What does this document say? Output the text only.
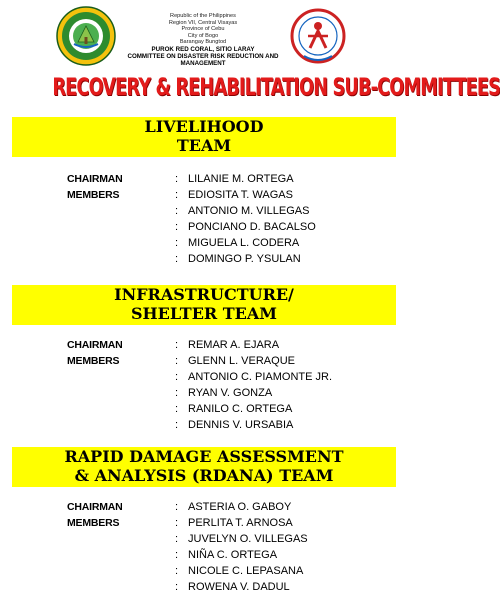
Republic of the Philippines
Region VII, Central Visayas
Province of Cebu
City of Bogo
Barangay Bungtod
PUROK RED CORAL, SITIO LARAY
COMMITTEE ON DISASTER RISK REDUCTION AND MANAGEMENT
RECOVERY & REHABILITATION SUB-COMMITTEES
LIVELIHOOD
TEAM
CHAIRMAN	: LILANIE M. ORTEGA
MEMBERS	: EDIOSITA T. WAGAS
: ANTONIO M. VILLEGAS
: PONCIANO D. BACALSO
: MIGUELA L. CODERA
: DOMINGO P. YSULAN
INFRASTRUCTURE/
SHELTER TEAM
CHAIRMAN	: REMAR A. EJARA
MEMBERS	: GLENN L. VERAQUE
: ANTONIO C. PIAMONTE JR.
: RYAN V. GONZA
: RANILO C. ORTEGA
: DENNIS V. URSABIA
RAPID DAMAGE ASSESSMENT
& ANALYSIS (RDANA) TEAM
CHAIRMAN	: ASTERIA O. GABOY
MEMBERS	: PERLITA T. ARNOSA
: JUVELYN O. VILLEGAS
: NIÑA C. ORTEGA
: NICOLE C. LEPASANA
: ROWENA V. DADUL
